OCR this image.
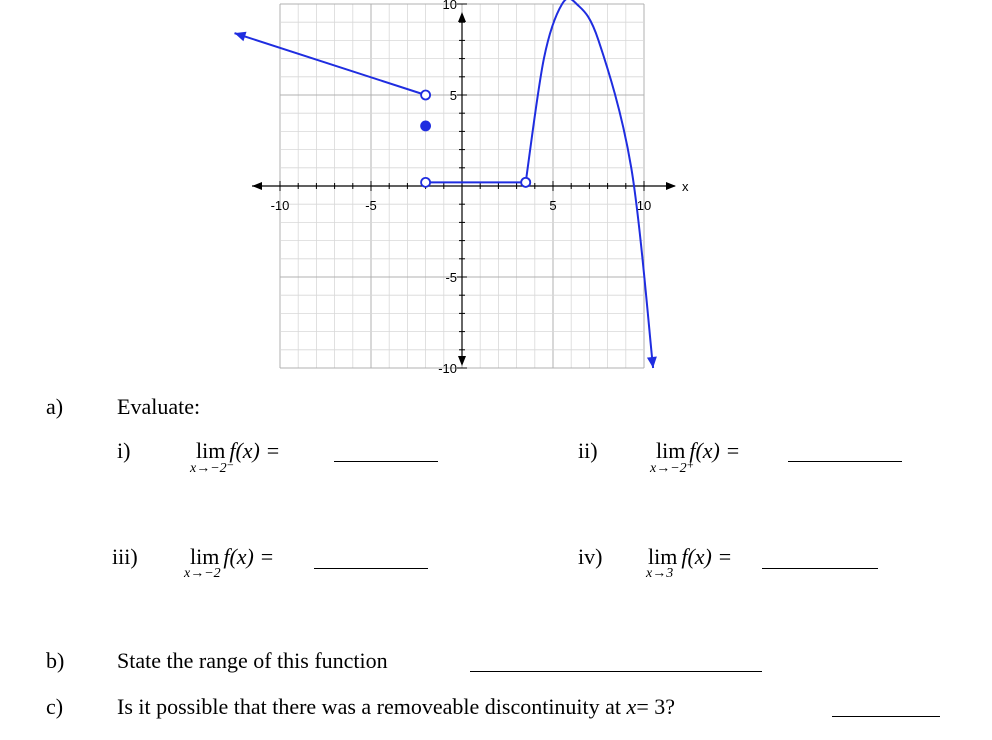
-10	-5	5	10
10
5
-5
-10
x
a) Evaluate:
i)	lim f(x) =
x→−2⁻
ii)	lim f(x) =
x→−2⁺
iii) lim f(x) =
x→−2
iv) lim f(x) =
x→3
b) State the range of this function
c) Is it possible that there was a removeable discontinuity at x= 3?
